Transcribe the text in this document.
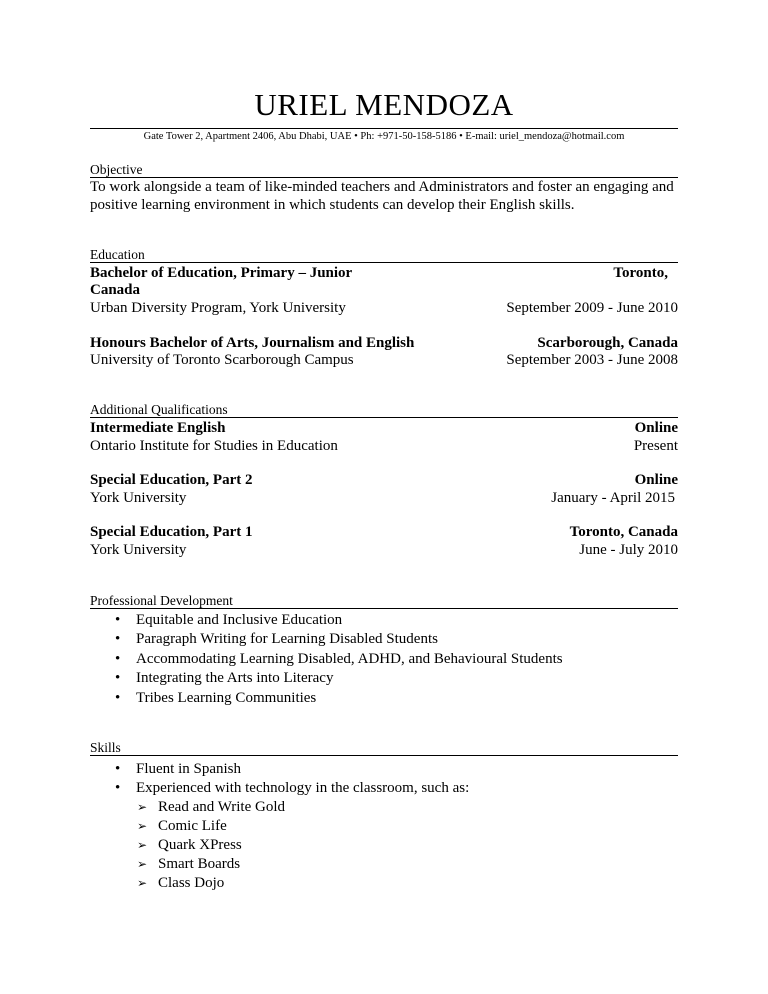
URIEL MENDOZA
Gate Tower 2, Apartment 2406, Abu Dhabi, UAE • Ph: +971-50-158-5186 • E-mail: uriel_mendoza@hotmail.com
Objective
To work alongside a team of like-minded teachers and Administrators and foster an engaging and positive learning environment in which students can develop their English skills.
Education
Bachelor of Education, Primary – Junior	Toronto,
Canada
Urban Diversity Program, York University	September 2009 - June 2010
Honours Bachelor of Arts, Journalism and English	Scarborough, Canada
University of Toronto Scarborough Campus	September 2003 - June 2008
Additional Qualifications
Intermediate English	Online
Ontario Institute for Studies in Education	Present
Special Education, Part 2	Online
York University	January - April 2015
Special Education, Part 1	Toronto, Canada
York University	June - July 2010
Professional Development
• Equitable and Inclusive Education
• Paragraph Writing for Learning Disabled Students
• Accommodating Learning Disabled, ADHD, and Behavioural Students
• Integrating the Arts into Literacy
• Tribes Learning Communities
Skills
• Fluent in Spanish
• Experienced with technology in the classroom, such as:
➢ Read and Write Gold
➢ Comic Life
➢ Quark XPress
➢ Smart Boards
➢ Class Dojo
